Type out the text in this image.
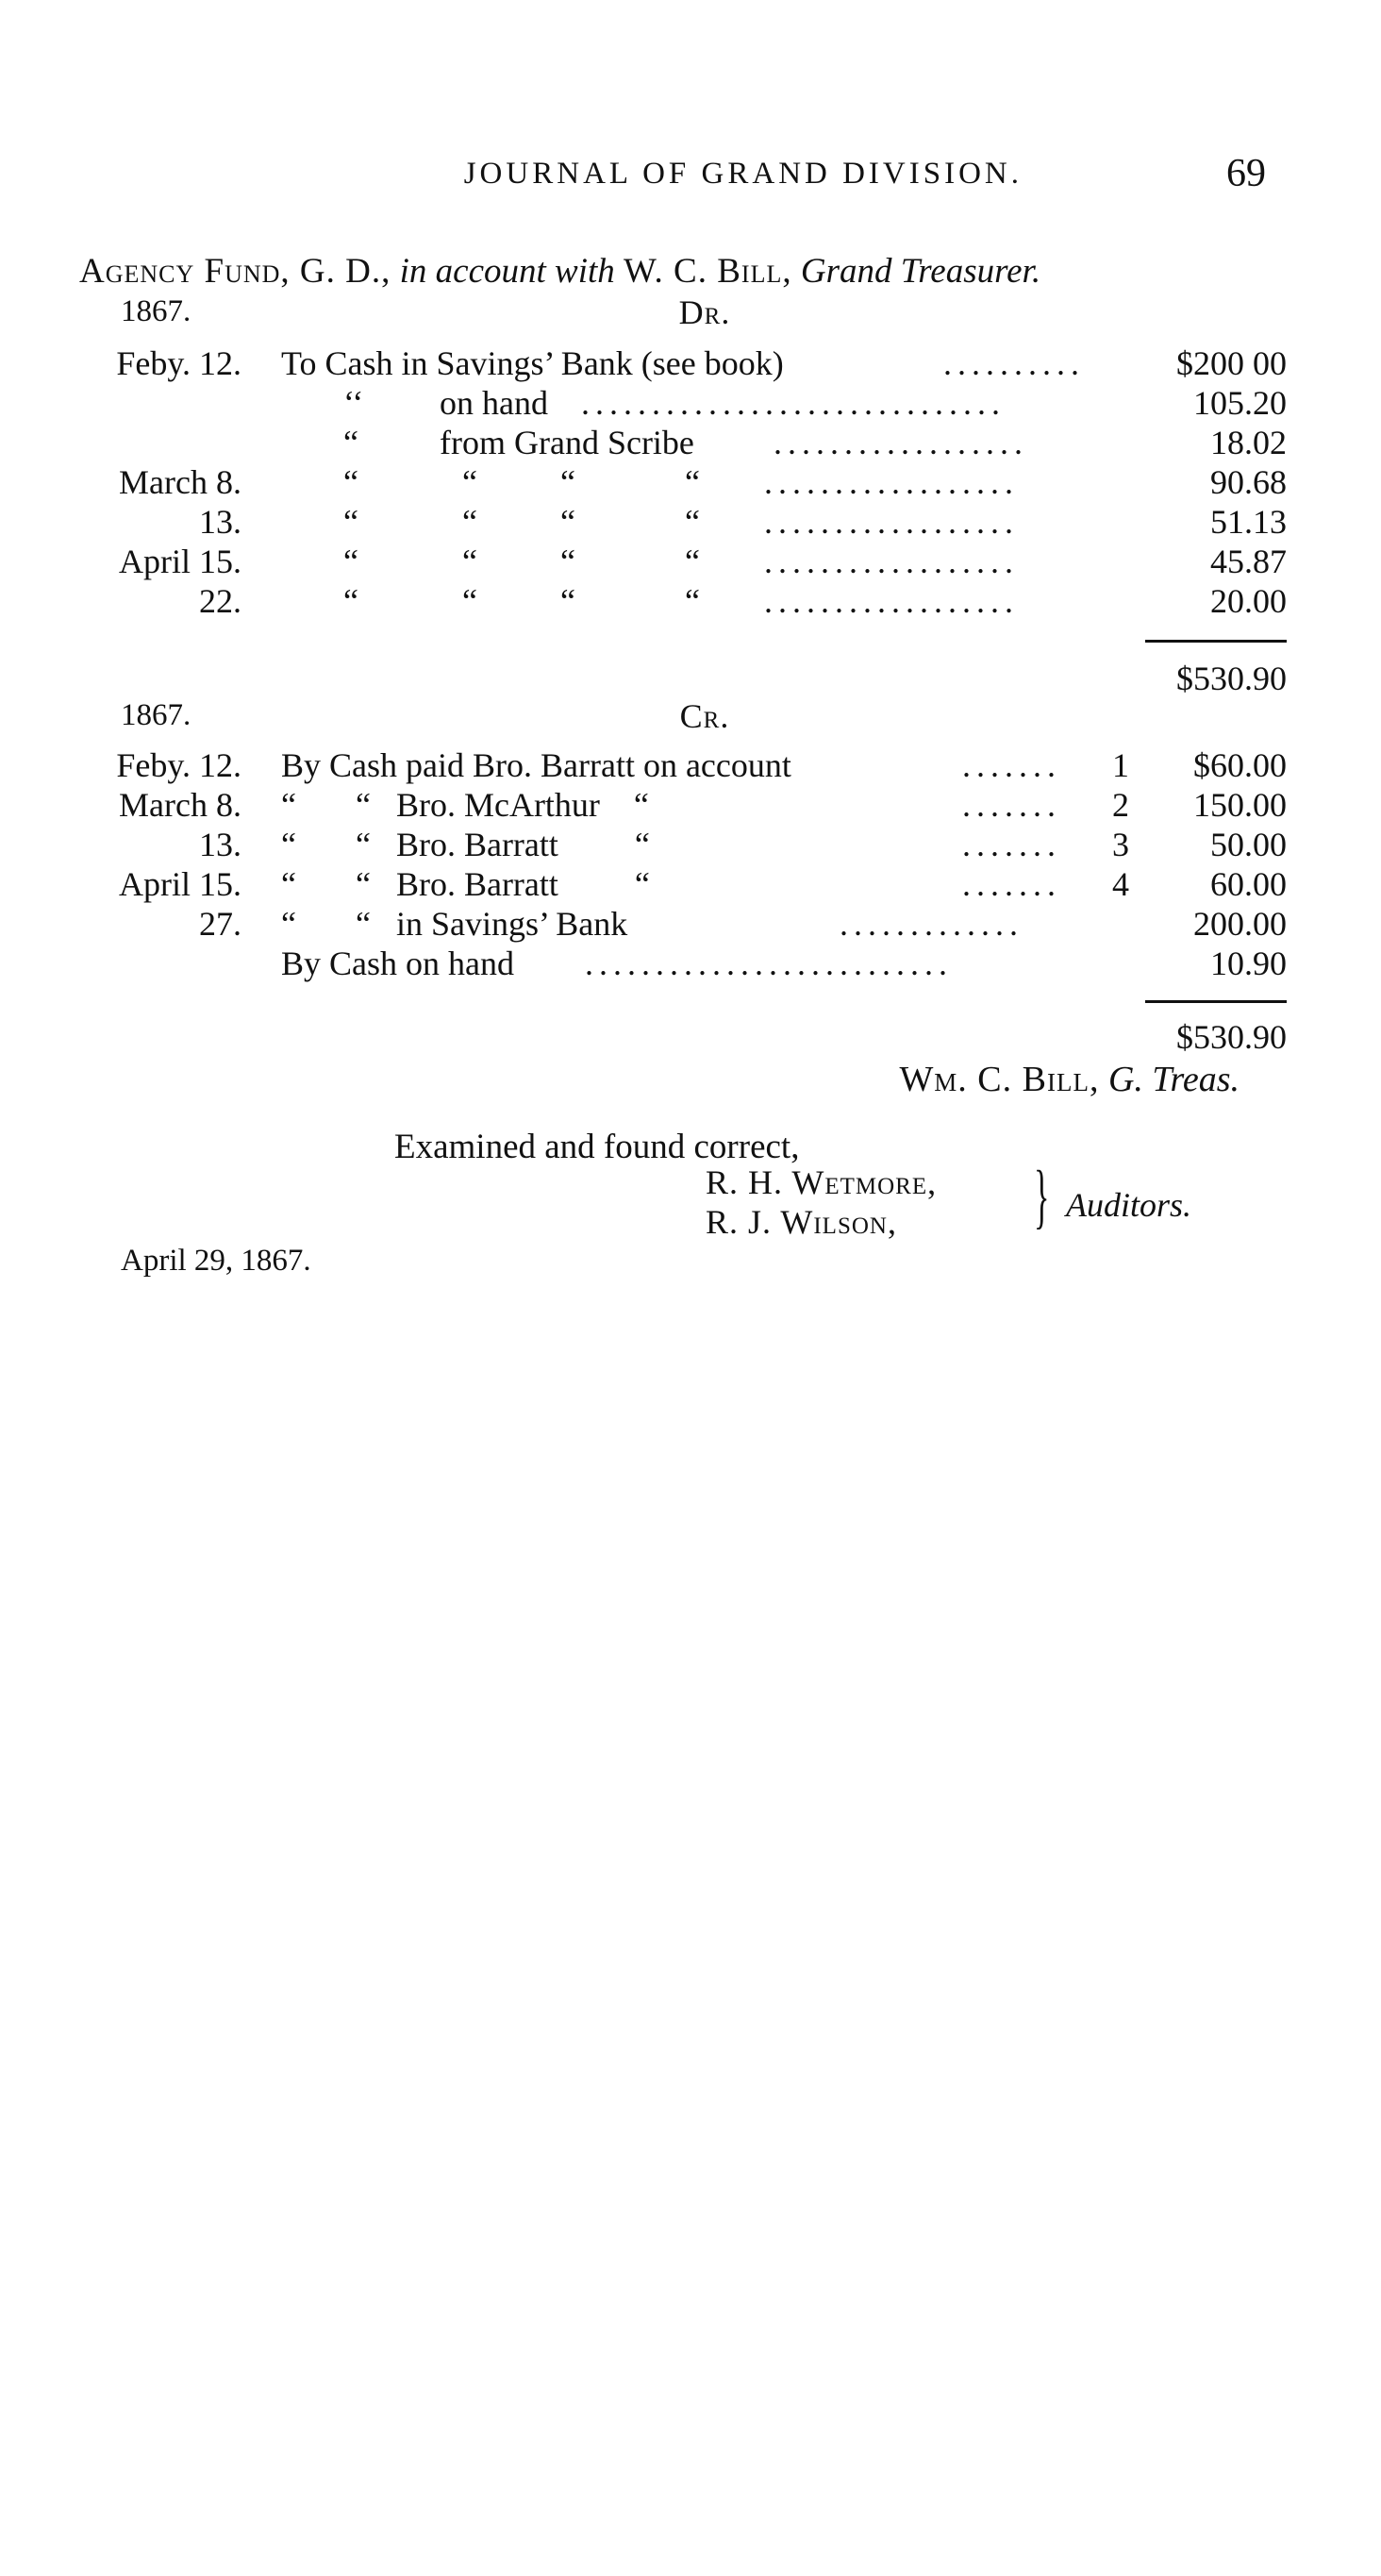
JOURNAL OF GRAND DIVISION.	69
Agency Fund, G. D., in account with W. C. Bill, Grand Treasurer.
1867.	Dr.
Feby. 12. To Cash in Savings’ Bank (see book)	..........	$200 00
‘‘ on hand ..............................	105.20
“ from Grand Scribe ..................	18.02
March 8.	“	“ “	“ ..................	90.68
13.	“	“ “	“ ..................	51.13
April 15.	“	“ “	“ ..................	45.87
22.	“	“ “	“ ..................	20.00
$530.90
1867.	Cr.
Feby. 12. By Cash paid Bro. Barratt on account	.......	1	$60.00
March 8. “       “   Bro. McArthur    “	.......	2	150.00
13. “       “   Bro. Barratt         “	.......	3	50.00
April 15. “       “   Bro. Barratt         “	.......	4	60.00
27. “       “   in Savings’ Bank	.............	200.00
By Cash on hand ..........................	10.90
$530.90
Wm. C. Bill, G. Treas.
Examined and found correct,
R. H. Wetmore,
R. J. Wilson, } Auditors.
April 29, 1867.
